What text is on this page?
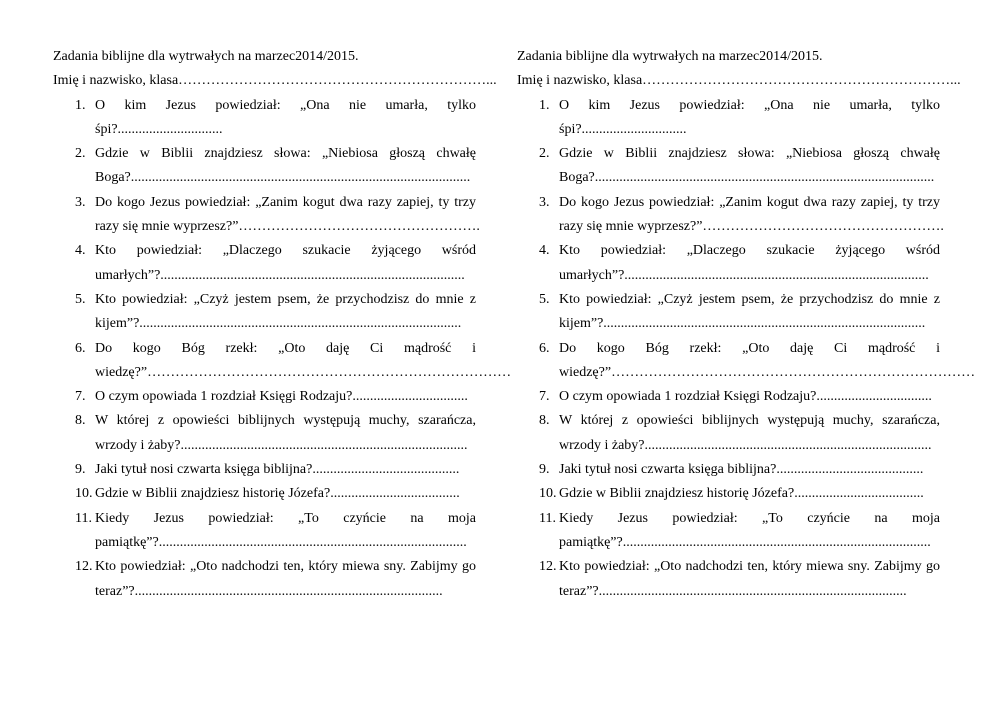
Zadania biblijne dla wytrwałych na marzec2014/2015.
Imię i nazwisko, klasa…………………………………………………………...
1. O kim Jezus powiedział: „Ona nie umarła, tylko
śpi?..............................
2. Gdzie w Biblii znajdziesz słowa: „Niebiosa głoszą chwałę
Boga?.................................................................................................
3. Do kogo Jezus powiedział: „Zanim kogut dwa razy zapiej, ty trzy
razy się mnie wyprzesz?”…………………………………………….
4. Kto powiedział: „Dlaczego szukacie żyjącego wśród
umarłych”?.......................................................................................
5. Kto powiedział: „Czyż jestem psem, że przychodzisz do mnie z
kijem”?............................................................................................
6. Do kogo Bóg rzekł: „Oto daję Ci mądrość i
wiedzę?”……………………………………………………………………
7. O czym opowiada 1 rozdział Księgi Rodzaju?.................................
8. W której z opowieści biblijnych występują muchy, szarańcza,
wrzody i żaby?..................................................................................
9. Jaki tytuł nosi czwarta księga biblijna?..........................................
10. Gdzie w Biblii znajdziesz historię Józefa?.....................................
11. Kiedy Jezus powiedział: „To czyńcie na moja
pamiątkę”?........................................................................................
12. Kto powiedział: „Oto nadchodzi ten, który miewa sny. Zabijmy go
teraz”?........................................................................................
Zadania biblijne dla wytrwałych na marzec2014/2015.
Imię i nazwisko, klasa…………………………………………………………...
1. O kim Jezus powiedział: „Ona nie umarła, tylko
śpi?..............................
2. Gdzie w Biblii znajdziesz słowa: „Niebiosa głoszą chwałę
Boga?.................................................................................................
3. Do kogo Jezus powiedział: „Zanim kogut dwa razy zapiej, ty trzy
razy się mnie wyprzesz?”…………………………………………….
4. Kto powiedział: „Dlaczego szukacie żyjącego wśród
umarłych”?.......................................................................................
5. Kto powiedział: „Czyż jestem psem, że przychodzisz do mnie z
kijem”?............................................................................................
6. Do kogo Bóg rzekł: „Oto daję Ci mądrość i
wiedzę?”……………………………………………………………………
7. O czym opowiada 1 rozdział Księgi Rodzaju?.................................
8. W której z opowieści biblijnych występują muchy, szarańcza,
wrzody i żaby?..................................................................................
9. Jaki tytuł nosi czwarta księga biblijna?..........................................
10. Gdzie w Biblii znajdziesz historię Józefa?.....................................
11. Kiedy Jezus powiedział: „To czyńcie na moja
pamiątkę”?........................................................................................
12. Kto powiedział: „Oto nadchodzi ten, który miewa sny. Zabijmy go
teraz”?........................................................................................
